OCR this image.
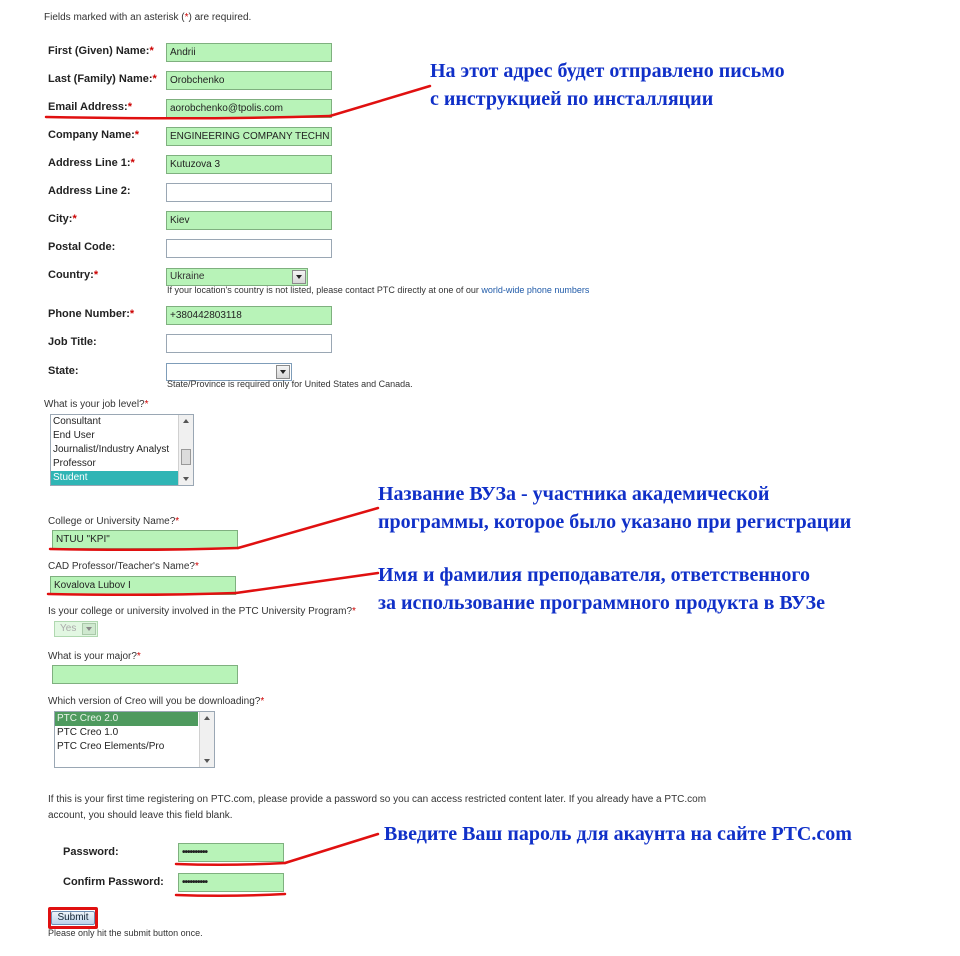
Fields marked with an asterisk (*) are required.
First (Given) Name:*	Andrii
Last (Family) Name:*	Orobchenko
Email Address:*	aorobchenko@tpolis.com
Company Name:*	ENGINEERING COMPANY TECHN
Address Line 1:*	Kutuzova 3
Address Line 2:
City:*	Kiev
Postal Code:
Country:*	Ukraine
If your location's country is not listed, please contact PTC directly at one of our world-wide phone numbers
Phone Number:*	+380442803118
Job Title:
State:
State/Province is required only for United States and Canada.
What is your job level?*
Consultant
End User
Journalist/Industry Analyst
Professor
Student
College or University Name?*
NTUU "KPI"
CAD Professor/Teacher's Name?*
Kovalova Lubov I
Is your college or university involved in the PTC University Program?*
Yes
What is your major?*
Which version of Creo will you be downloading?*
PTC Creo 2.0
PTC Creo 1.0
PTC Creo Elements/Pro
If this is your first time registering on PTC.com, please provide a password so you can access restricted content later. If you already have a PTC.com
account, you should leave this field blank.
Password:	••••••••••
Confirm Password:	••••••••••
Submit
Please only hit the submit button once.
На этот адрес будет отправлено письмо
с инструкцией по инсталляции
Название ВУЗа - участника академической
программы, которое было указано при регистрации
Имя и фамилия преподавателя, ответственного
за использование программного продукта в ВУЗе
Введите Ваш пароль для акаунта на сайте PTC.com
